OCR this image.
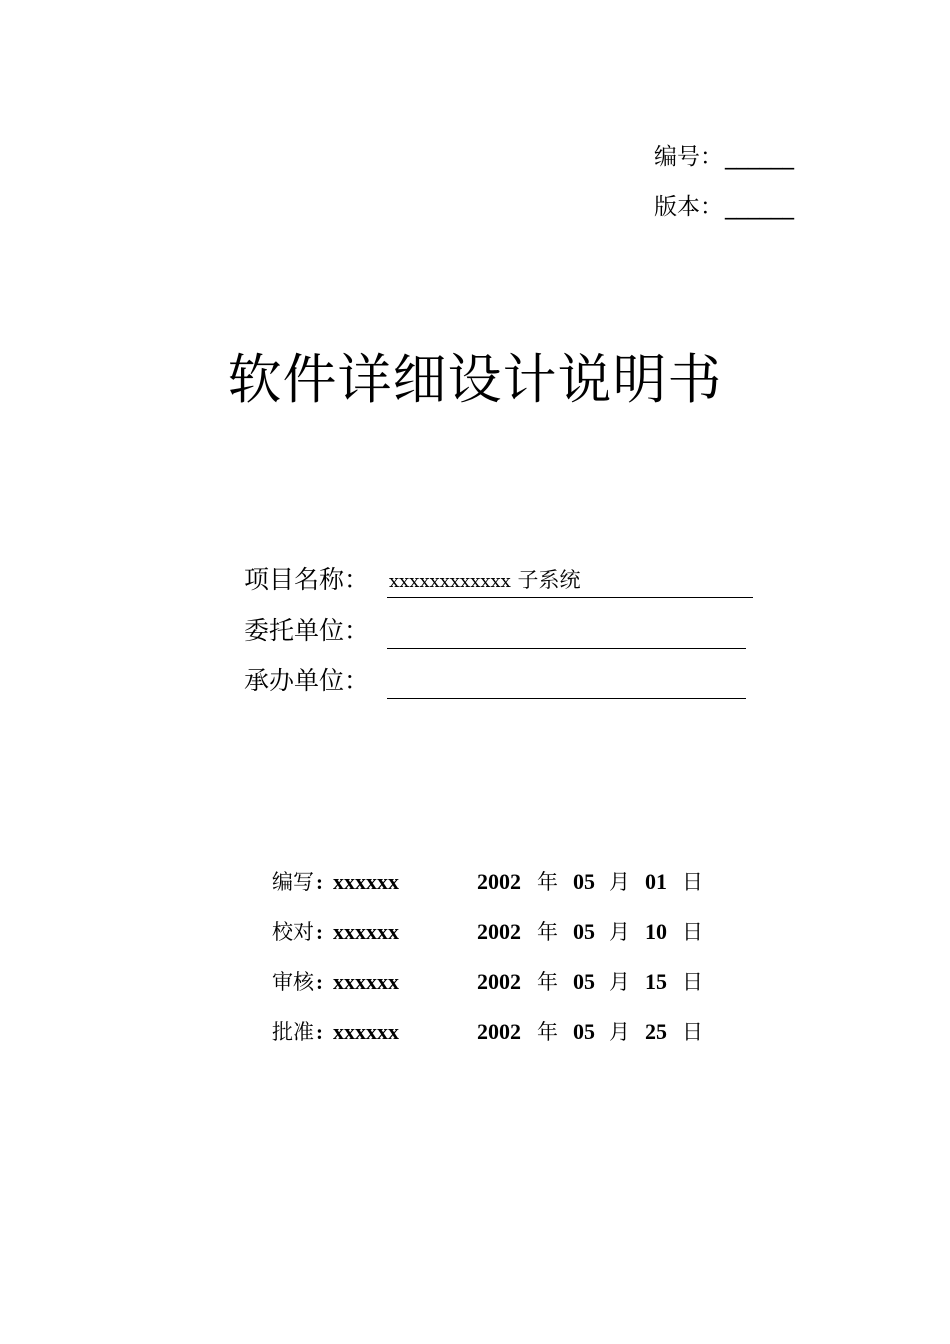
编号：______
版本：______
软件详细设计说明书
项目名称： xxxxxxxxxxxx 子系统
委托单位：
承办单位：
编写 : xxxxxx	2002 年 05 月 01 日
校对 : xxxxxx	2002 年 05 月 10 日
审核 : xxxxxx	2002 年 05 月 15 日
批准 : xxxxxx	2002 年 05 月 25 日
